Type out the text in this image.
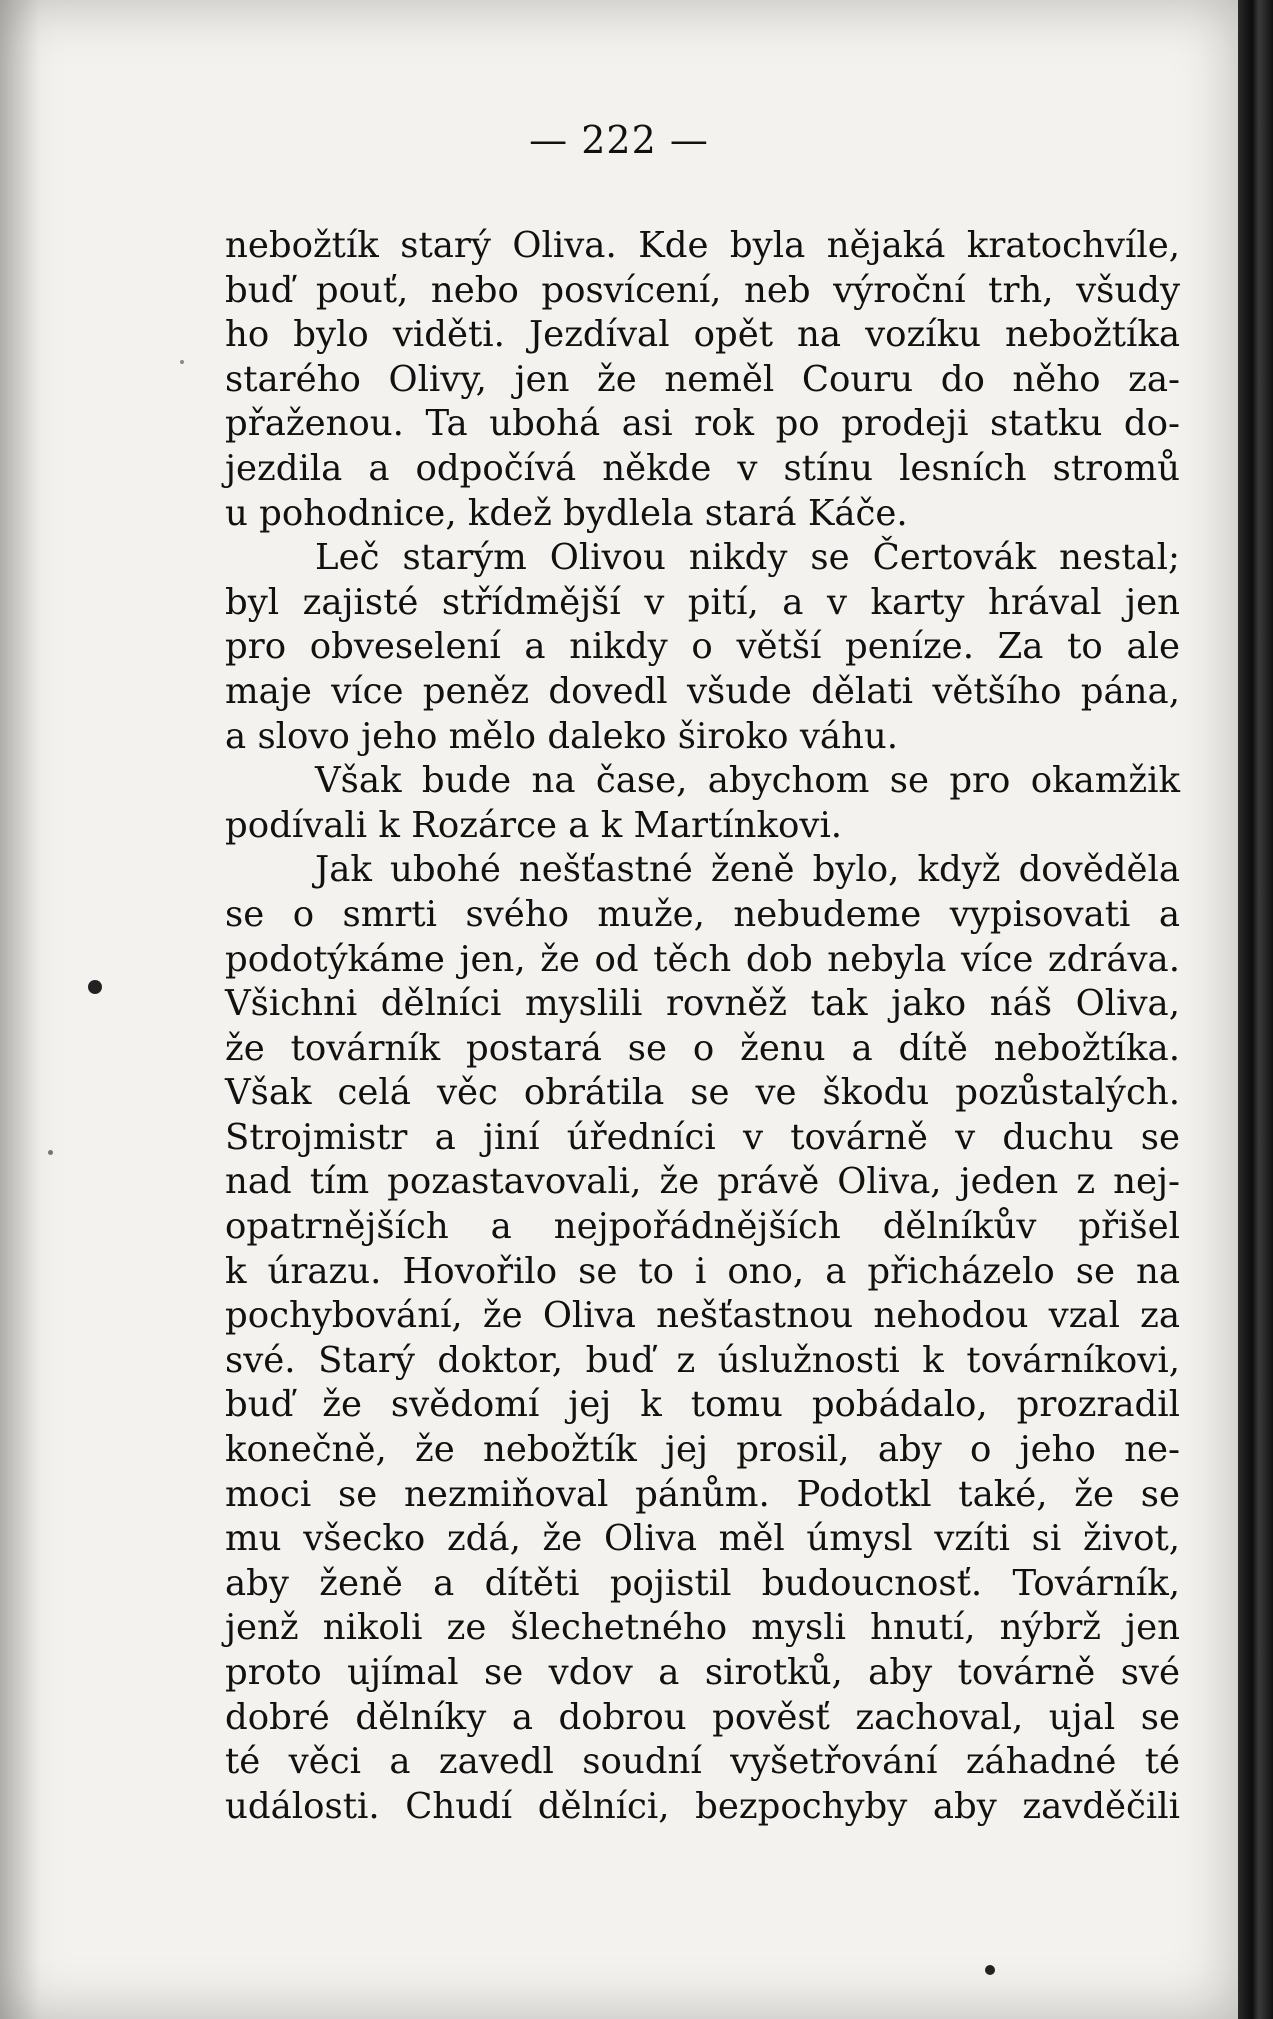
— 222 —
nebožtík starý Oliva. Kde byla nějaká kratochvíle,
buď pouť, nebo posvícení, neb výroční trh, všudy
ho bylo viděti. Jezdíval opět na vozíku nebožtíka
starého Olivy, jen že neměl Couru do něho za-
přaženou. Ta ubohá asi rok po prodeji statku do-
jezdila a odpočívá někde v stínu lesních stromů
u pohodnice, kdež bydlela stará Káče.
Leč starým Olivou nikdy se Čertovák nestal;
byl zajisté střídmější v pití, a v karty hrával jen
pro obveselení a nikdy o větší peníze. Za to ale
maje více peněz dovedl všude dělati většího pána,
a slovo jeho mělo daleko široko váhu.
Však bude na čase, abychom se pro okamžik
podívali k Rozárce a k Martínkovi.
Jak ubohé nešťastné ženě bylo, když dověděla
se o smrti svého muže, nebudeme vypisovati a
podotýkáme jen, že od těch dob nebyla více zdráva.
Všichni dělníci myslili rovněž tak jako náš Oliva,
že továrník postará se o ženu a dítě nebožtíka.
Však celá věc obrátila se ve škodu pozůstalých.
Strojmistr a jiní úředníci v továrně v duchu se
nad tím pozastavovali, že právě Oliva, jeden z nej-
opatrnějších a nejpořádnějších dělníkův přišel
k úrazu. Hovořilo se to i ono, a přicházelo se na
pochybování, že Oliva nešťastnou nehodou vzal za
své. Starý doktor, buď z úslužnosti k továrníkovi,
buď že svědomí jej k tomu pobádalo, prozradil
konečně, že nebožtík jej prosil, aby o jeho ne-
moci se nezmiňoval pánům. Podotkl také, že se
mu všecko zdá, že Oliva měl úmysl vzíti si život,
aby ženě a dítěti pojistil budoucnosť. Továrník,
jenž nikoli ze šlechetného mysli hnutí, nýbrž jen
proto ujímal se vdov a sirotků, aby továrně své
dobré dělníky a dobrou pověsť zachoval, ujal se
té věci a zavedl soudní vyšetřování záhadné té
události. Chudí dělníci, bezpochyby aby zavděčili
